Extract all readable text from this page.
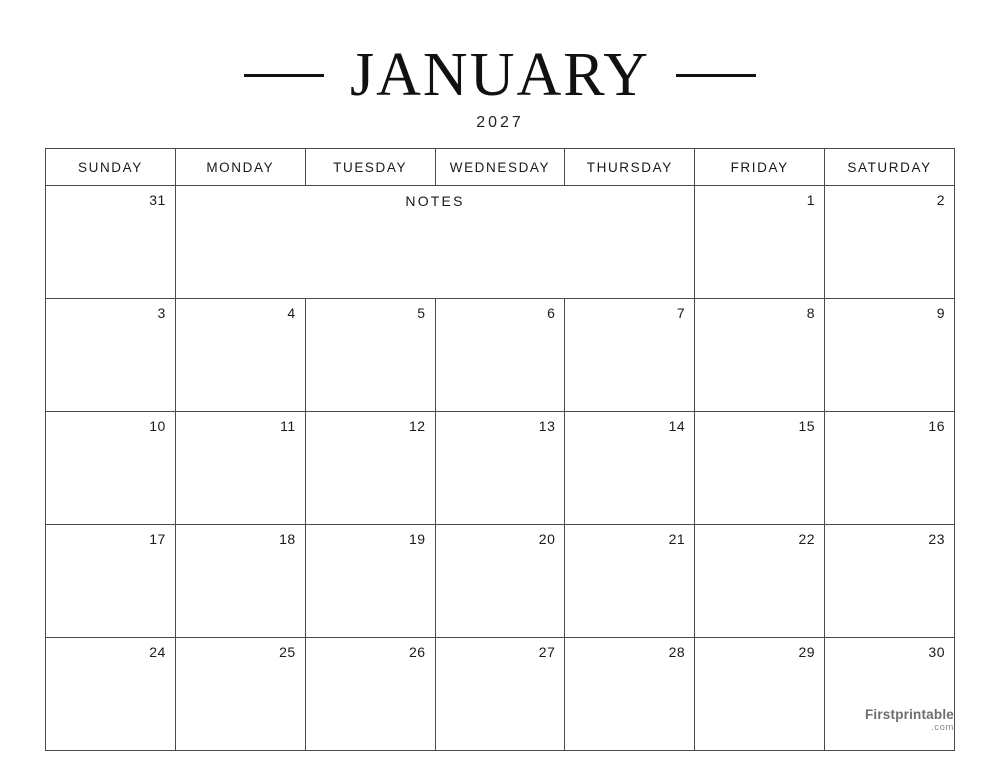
JANUARY
2027
SUNDAY	MONDAY	TUESDAY	WEDNESDAY	THURSDAY	FRIDAY	SATURDAY

31	NOTES				1	2

3	4	5	6	7	8	9

10	11	12	13	14	15	16

17	18	19	20	21	22	23

24	25	26	27	28	29	30
Firstprintable
.com
